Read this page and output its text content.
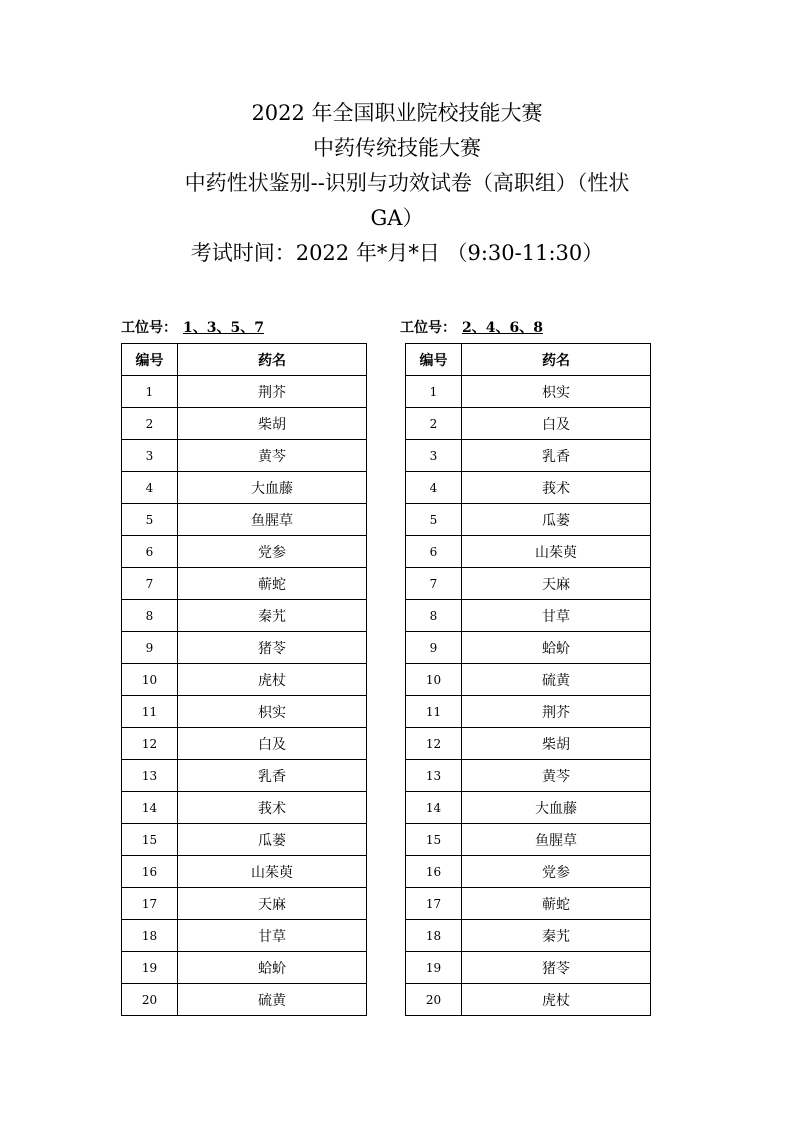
2022 年全国职业院校技能大赛
中药传统技能大赛
中药性状鉴别--识别与功效试卷（高职组）（性状
GA）
考试时间：2022 年*月*日 （9:30-11:30）
工位号： 1、3、5、7	工位号： 2、4、6、8
编号	药名
1	荆芥
2	柴胡
3	黄芩
4	大血藤
5	鱼腥草
6	党参
7	蕲蛇
8	秦艽
9	猪苓
10	虎杖
11	枳实
12	白及
13	乳香
14	莪术
15	瓜蒌
16	山茱萸
17	天麻
18	甘草
19	蛤蚧
20	硫黄
编号	药名
1	枳实
2	白及
3	乳香
4	莪术
5	瓜蒌
6	山茱萸
7	天麻
8	甘草
9	蛤蚧
10	硫黄
11	荆芥
12	柴胡
13	黄芩
14	大血藤
15	鱼腥草
16	党参
17	蕲蛇
18	秦艽
19	猪苓
20	虎杖
